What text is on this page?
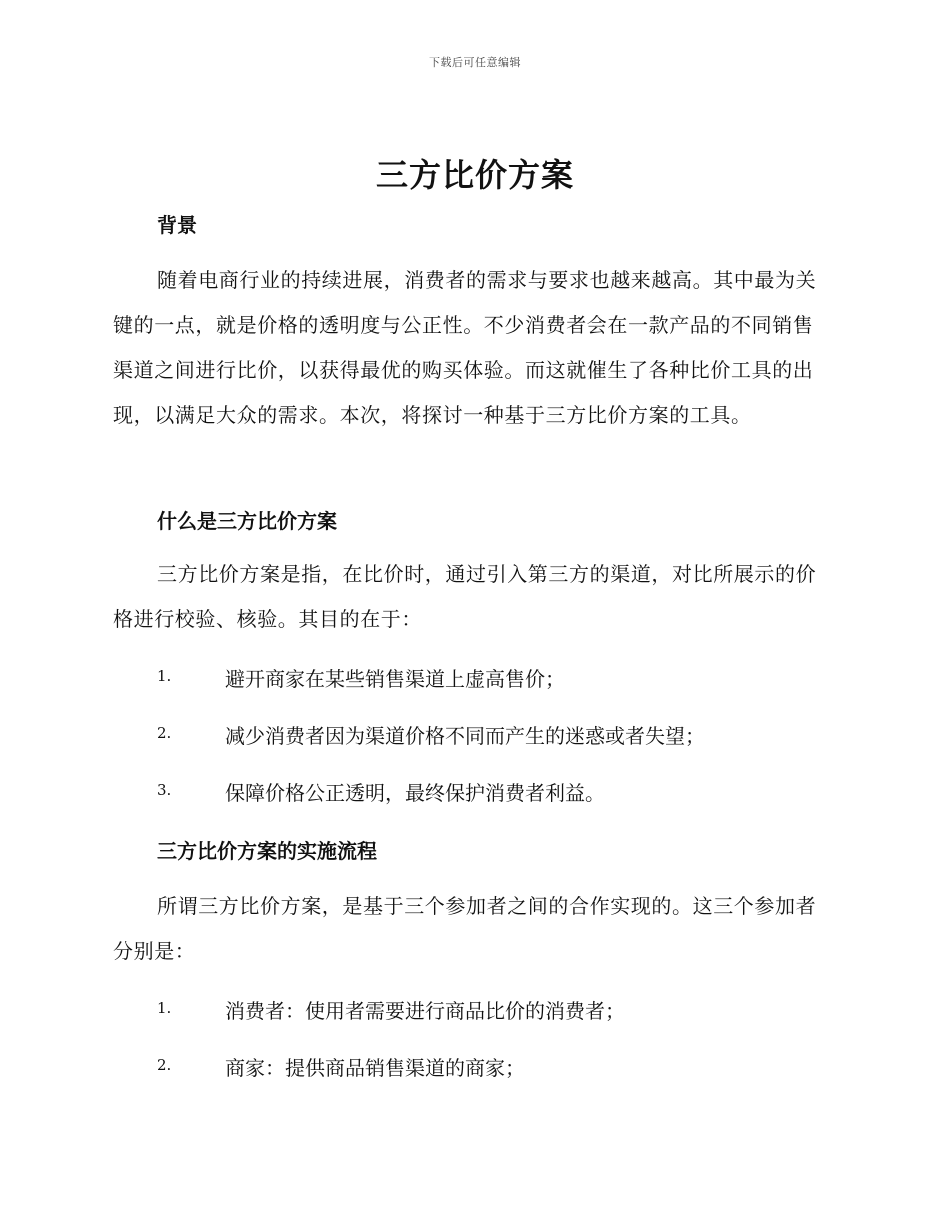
下载后可任意编辑
三方比价方案
背景
随着电商行业的持续进展，消费者的需求与要求也越来越高。其中最为关键的一点，就是价格的透明度与公正性。不少消费者会在一款产品的不同销售渠道之间进行比价，以获得最优的购买体验。而这就催生了各种比价工具的出现，以满足大众的需求。本次，将探讨一种基于三方比价方案的工具。
什么是三方比价方案
三方比价方案是指，在比价时，通过引入第三方的渠道，对比所展示的价格进行校验、核验。其目的在于：
1.	避开商家在某些销售渠道上虚高售价；
2.	减少消费者因为渠道价格不同而产生的迷惑或者失望；
3.	保障价格公正透明，最终保护消费者利益。
三方比价方案的实施流程
所谓三方比价方案，是基于三个参加者之间的合作实现的。这三个参加者分别是：
1.	消费者：使用者需要进行商品比价的消费者；
2.	商家：提供商品销售渠道的商家；
